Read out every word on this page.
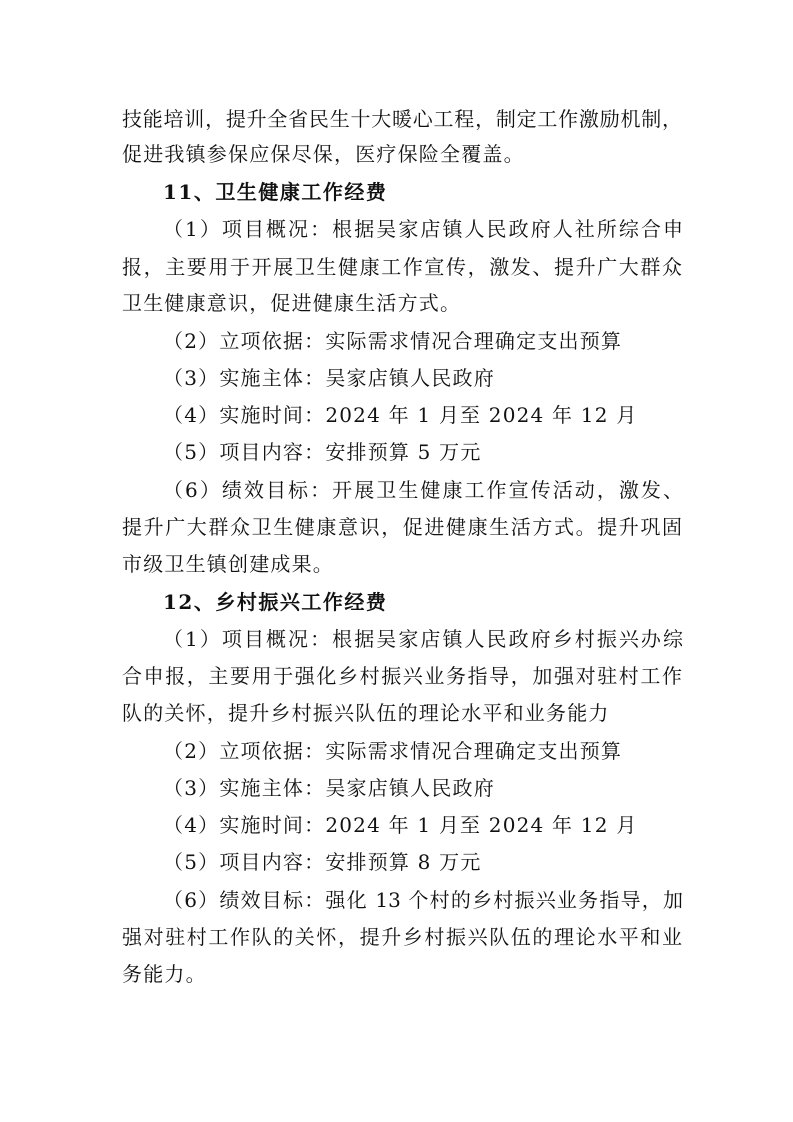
技能培训，提升全省民生十大暖心工程，制定工作激励机制，
促进我镇参保应保尽保，医疗保险全覆盖。
11、卫生健康工作经费
（1）项目概况：根据吴家店镇人民政府人社所综合申
报，主要用于开展卫生健康工作宣传，激发、提升广大群众
卫生健康意识，促进健康生活方式。
（2）立项依据：实际需求情况合理确定支出预算
（3）实施主体：吴家店镇人民政府
（4）实施时间：2024 年 1 月至 2024 年 12 月
（5）项目内容：安排预算 5 万元
（6）绩效目标：开展卫生健康工作宣传活动，激发、
提升广大群众卫生健康意识，促进健康生活方式。提升巩固
市级卫生镇创建成果。
12、乡村振兴工作经费
（1）项目概况：根据吴家店镇人民政府乡村振兴办综
合申报，主要用于强化乡村振兴业务指导，加强对驻村工作
队的关怀，提升乡村振兴队伍的理论水平和业务能力
（2）立项依据：实际需求情况合理确定支出预算
（3）实施主体：吴家店镇人民政府
（4）实施时间：2024 年 1 月至 2024 年 12 月
（5）项目内容：安排预算 8 万元
（6）绩效目标：强化 13 个村的乡村振兴业务指导，加
强对驻村工作队的关怀，提升乡村振兴队伍的理论水平和业
务能力。
